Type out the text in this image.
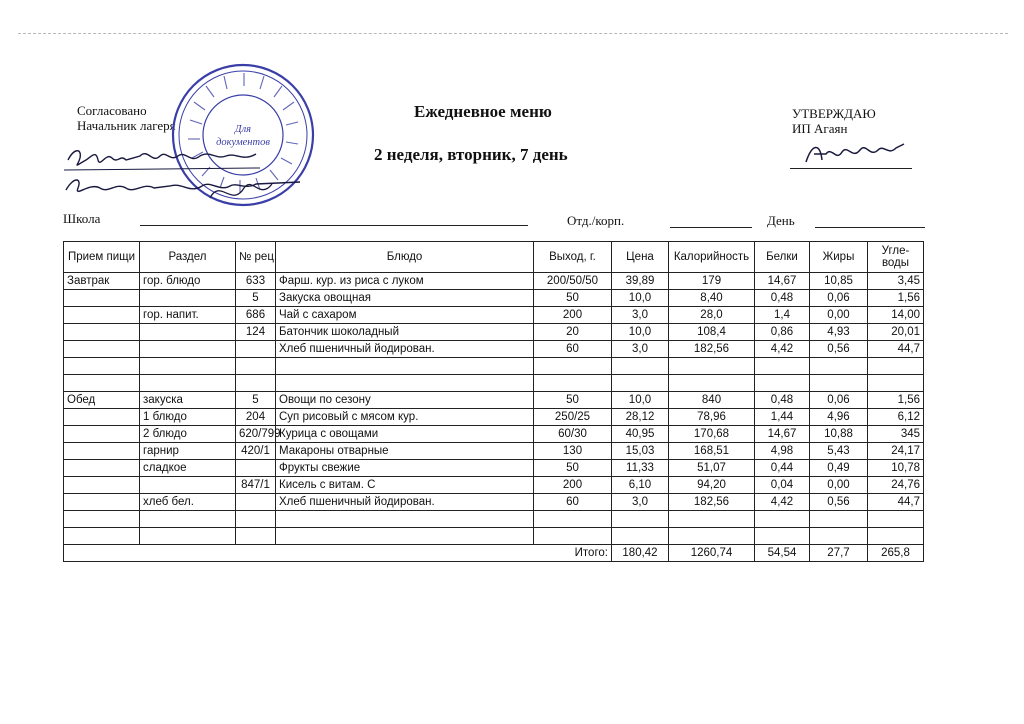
Согласовано
Начальник лагеря	Для
документов
Ежедневное меню
2 неделя, вторник, 7 день
УТВЕРЖДАЮ
ИП Агаян
Школа	Отд./корп.	День
Прием пищи	Раздел	№ рец.	Блюдо	Выход, г.	Цена	Калорийность	Белки	Жиры	Угле-воды
Завтрак	гор. блюдо	633	Фарш. кур. из риса с луком	200/50/50	39,89	179	14,67	10,85	3,45
		5	Закуска овощная	50	10,0	8,40	0,48	0,06	1,56
	гор. напит.	686	Чай с сахаром	200	3,0	28,0	1,4	0,00	14,00
		124	Батончик шоколадный	20	10,0	108,4	0,86	4,93	20,01
			Хлеб пшеничный йодирован.	60	3,0	182,56	4,42	0,56	44,7

Обед	закуска	5	Овощи по сезону	50	10,0	840	0,48	0,06	1,56
	1 блюдо	204	Суп рисовый с мясом кур.	250/25	28,12	78,96	1,44	4,96	6,12
	2 блюдо	620/799	Курица с овощами	60/30	40,95	170,68	14,67	10,88	345
	гарнир	420/1	Макароны отварные	130	15,03	168,51	4,98	5,43	24,17
	сладкое		Фрукты свежие	50	11,33	51,07	0,44	0,49	10,78
		847/1	Кисель с витам. С	200	6,10	94,20	0,04	0,00	24,76
	хлеб бел.		Хлеб пшеничный йодирован.	60	3,0	182,56	4,42	0,56	44,7

Итого:					180,42	1260,74	54,54	27,7	265,8
